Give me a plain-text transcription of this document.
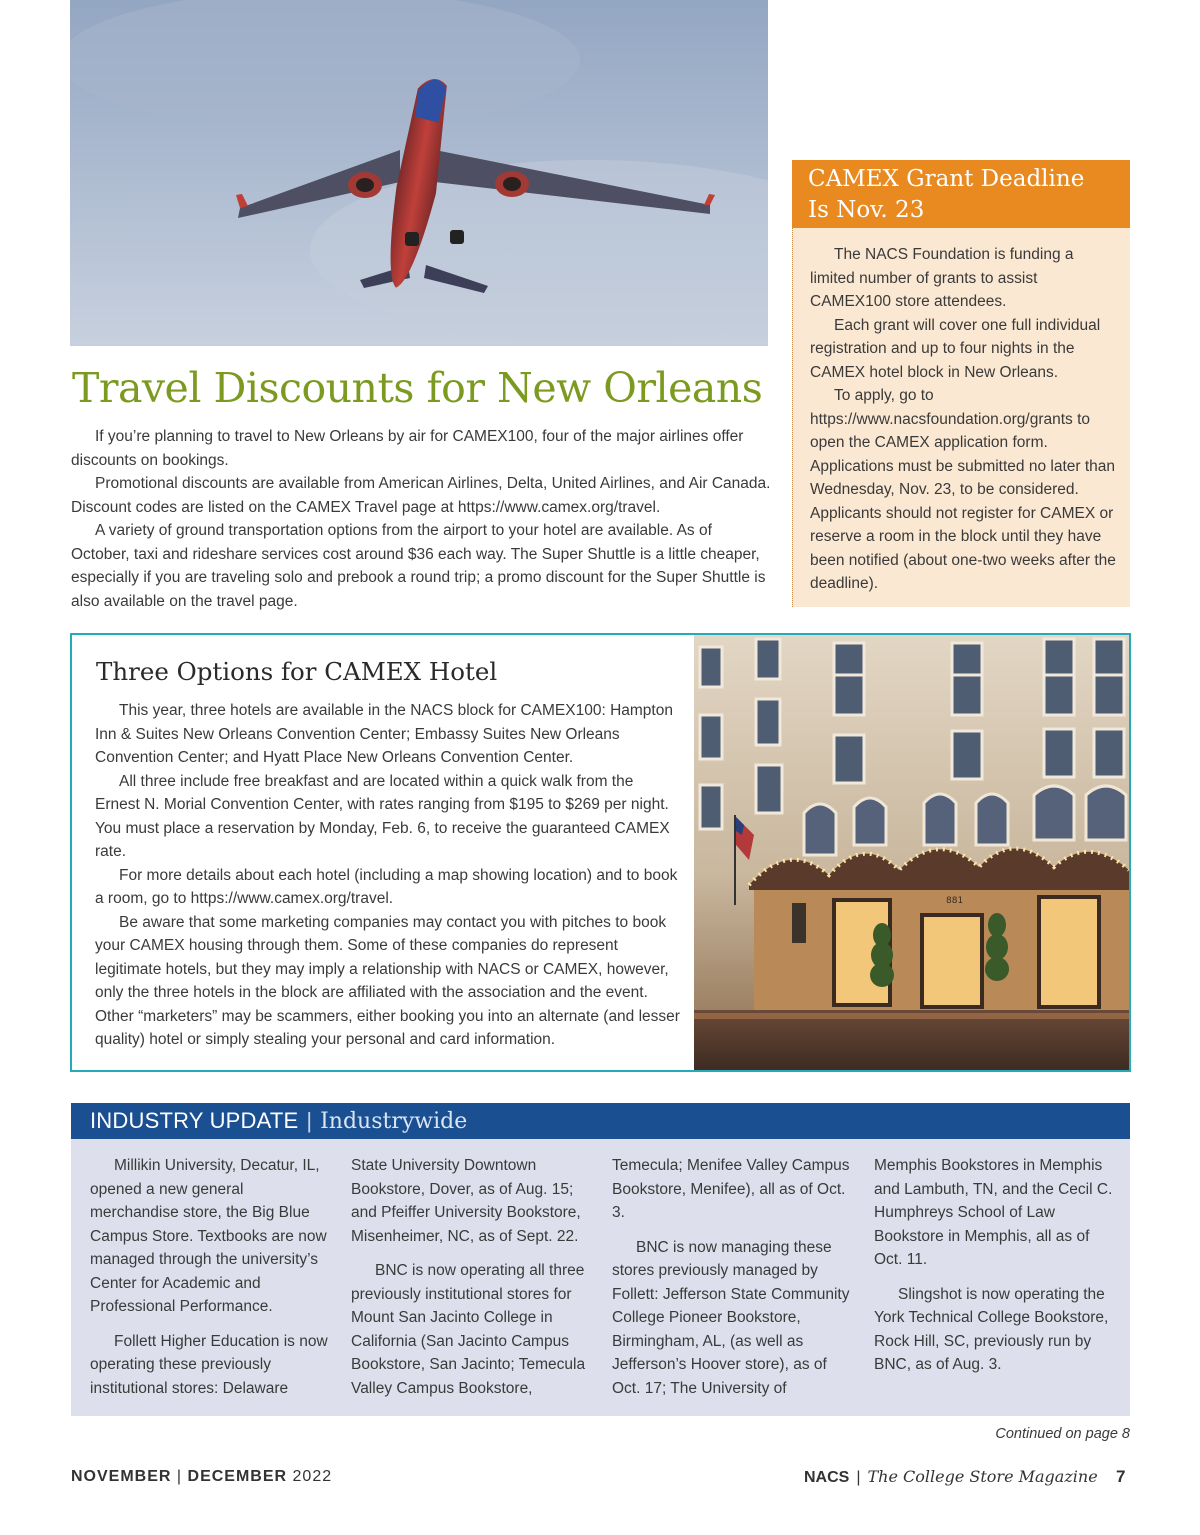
Travel Discounts for New Orleans

If you’re planning to travel to New Orleans by air for CAMEX100, four of the major airlines offer discounts on bookings.

Promotional discounts are available from American Airlines, Delta, United Airlines, and Air Canada. Discount codes are listed on the CAMEX Travel page at https://www.camex.org/travel.

A variety of ground transportation options from the airport to your hotel are available. As of October, taxi and rideshare services cost around $36 each way. The Super Shuttle is a little cheaper, especially if you are traveling solo and prebook a round trip; a promo discount for the Super Shuttle is also available on the travel page.

CAMEX Grant Deadline
Is Nov. 23

The NACS Foundation is funding a limited number of grants to assist CAMEX100 store attendees.

Each grant will cover one full individual registration and up to four nights in the CAMEX hotel block in New Orleans.

To apply, go to https://www.nacsfoundation.org/grants to open the CAMEX application form. Applications must be submitted no later than Wednesday, Nov. 23, to be considered. Applicants should not register for CAMEX or reserve a room in the block until they have been notified (about one-two weeks after the deadline).

Three Options for CAMEX Hotel

This year, three hotels are available in the NACS block for CAMEX100: Hampton Inn & Suites New Orleans Convention Center; Embassy Suites New Orleans Convention Center; and Hyatt Place New Orleans Convention Center.

All three include free breakfast and are located within a quick walk from the Ernest N. Morial Convention Center, with rates ranging from $195 to $269 per night. You must place a reservation by Monday, Feb. 6, to receive the guaranteed CAMEX rate.

For more details about each hotel (including a map showing location) and to book a room, go to https://www.camex.org/travel.

Be aware that some marketing companies may contact you with pitches to book your CAMEX housing through them. Some of these companies do represent legitimate hotels, but they may imply a relationship with NACS or CAMEX, however, only the three hotels in the block are affiliated with the association and the event. Other “marketers” may be scammers, either booking you into an alternate (and lesser quality) hotel or simply stealing your personal and card information.

881
INDUSTRY UPDATE | Industrywide

Millikin University, Decatur, IL, opened a new general merchandise store, the Big Blue Campus Store. Textbooks are now managed through the university’s Center for Academic and Professional Performance.

Follett Higher Education is now operating these previously institutional stores: Delaware

State University Downtown Bookstore, Dover, as of Aug. 15; and Pfeiffer University Bookstore, Misenheimer, NC, as of Sept. 22.

BNC is now operating all three previously institutional stores for Mount San Jacinto College in California (San Jacinto Campus Bookstore, San Jacinto; Temecula Valley Campus Bookstore,

Temecula; Menifee Valley Campus Bookstore, Menifee), all as of Oct. 3.

BNC is now managing these stores previously managed by Follett: Jefferson State Community College Pioneer Bookstore, Birmingham, AL, (as well as Jefferson’s Hoover store), as of Oct. 17; The University of

Memphis Bookstores in Memphis and Lambuth, TN, and the Cecil C. Humphreys School of Law Bookstore in Memphis, all as of Oct. 11.

Slingshot is now operating the York Technical College Bookstore, Rock Hill, SC, previously run by BNC, as of Aug. 3.

Continued on page 8
NOVEMBER | DECEMBER 2022	NACS | The College Store Magazine 7
